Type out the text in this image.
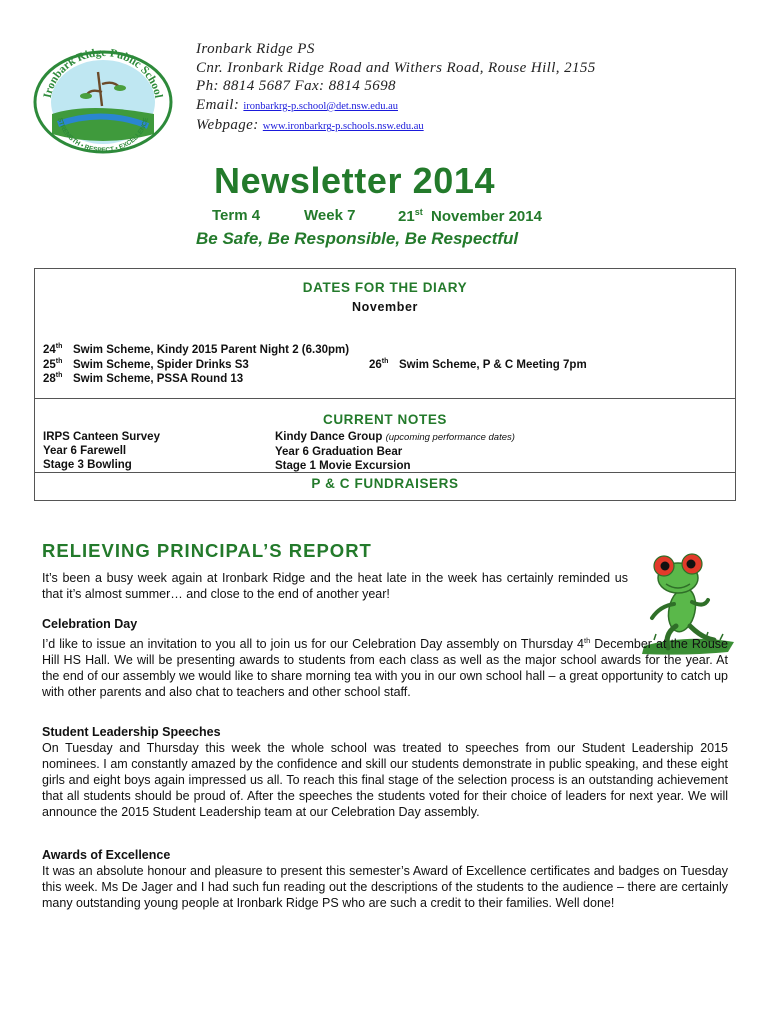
Ironbark Ridge Public School
STRENGTH • RESPECT • EXCELLENCE
Ironbark Ridge PS
Cnr. Ironbark Ridge Road and Withers Road, Rouse Hill, 2155
Ph: 8814 5687 Fax: 8814 5698
Email: ironbarkrg-p.school@det.nsw.edu.au
Webpage: www.ironbarkrg-p.schools.nsw.edu.au
Newsletter 2014
Term 4	Week 7	21st November 2014
Be Safe, Be Responsible, Be Respectful
DATES FOR THE DIARY
November
24th Swim Scheme, Kindy 2015 Parent Night 2 (6.30pm)
25th Swim Scheme, Spider Drinks S3
28th Swim Scheme, PSSA Round 13
26th Swim Scheme, P & C Meeting 7pm
CURRENT NOTES
IRPS Canteen Survey
Year 6 Farewell
Stage 3 Bowling
Kindy Dance Group (upcoming performance dates)
Year 6 Graduation Bear
Stage 1 Movie Excursion
P & C FUNDRAISERS
RELIEVING PRINCIPAL’S REPORT
It’s been a busy week again at Ironbark Ridge and the heat late in the week has certainly reminded us that it’s almost summer… and close to the end of another year!
Celebration Day
I’d like to issue an invitation to you all to join us for our Celebration Day assembly on Thursday 4th December at the Rouse Hill HS Hall. We will be presenting awards to students from each class as well as the major school awards for the year. At the end of our assembly we would like to share morning tea with you in our own school hall – a great opportunity to catch up with other parents and also chat to teachers and other school staff.
Student Leadership Speeches
On Tuesday and Thursday this week the whole school was treated to speeches from our Student Leadership 2015 nominees. I am constantly amazed by the confidence and skill our students demonstrate in public speaking, and these eight girls and eight boys again impressed us all. To reach this final stage of the selection process is an outstanding achievement that all students should be proud of. After the speeches the students voted for their choice of leaders for next year. We will announce the 2015 Student Leadership team at our Celebration Day assembly.
Awards of Excellence
It was an absolute honour and pleasure to present this semester’s Award of Excellence certificates and badges on Tuesday this week. Ms De Jager and I had such fun reading out the descriptions of the students to the audience – there are certainly many outstanding young people at Ironbark Ridge PS who are such a credit to their families. Well done!
